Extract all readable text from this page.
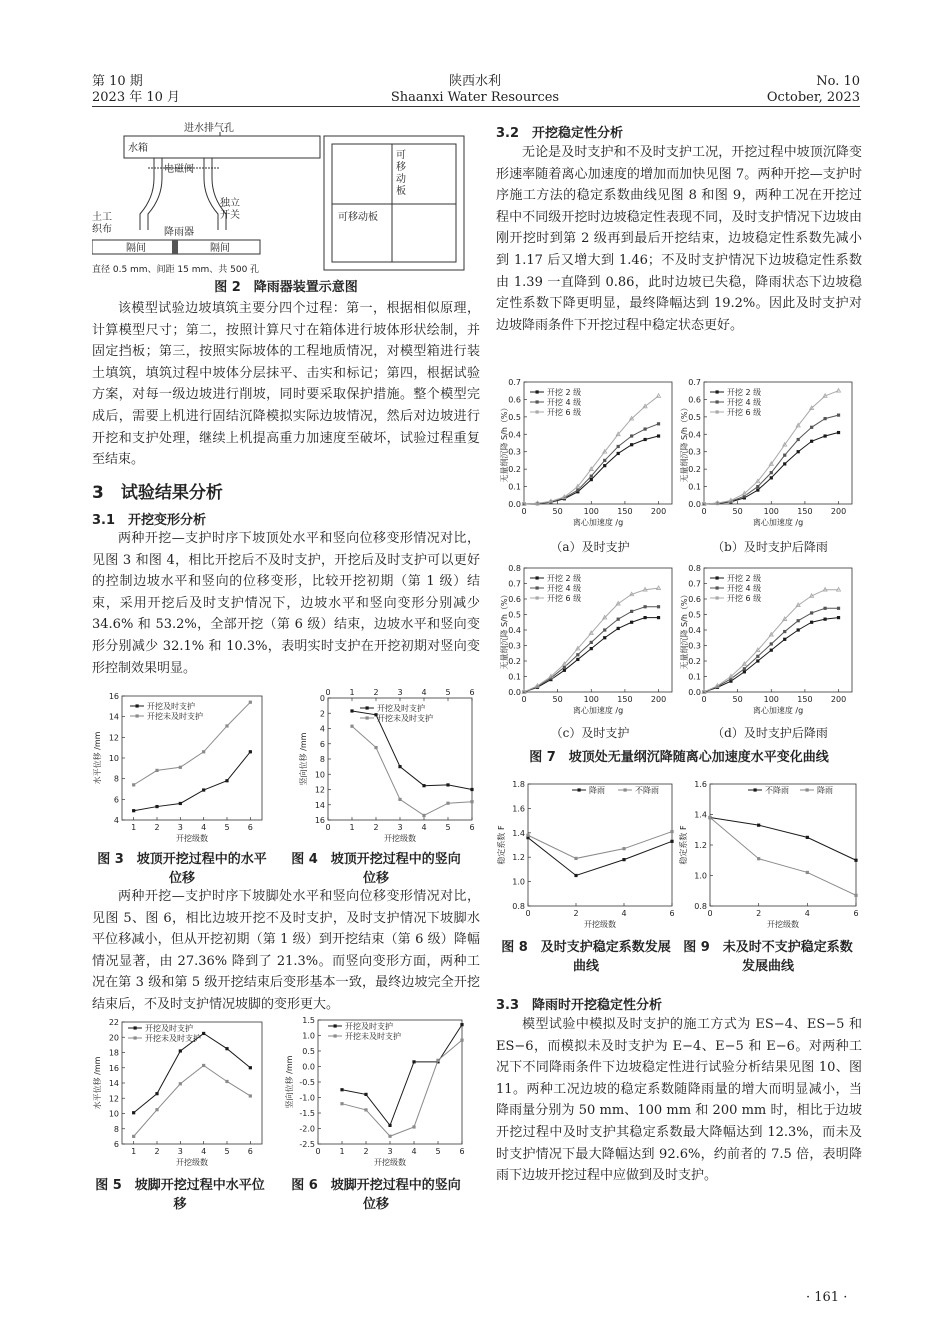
第 10 期
2023 年 10 月
陕西水利
Shaanxi Water Resources
No. 10
October, 2023
水箱
进水排气孔
电磁阀
土工
织布
独立
开关
降雨器
隔间	隔间
直径 0.5 mm、间距 15 mm、共 500 孔
可移动板
可
移
动
板
图 2　降雨器装置示意图

该模型试验边坡填筑主要分四个过程：第一，根据相似原理，计算模型尺寸；第二，按照计算尺寸在箱体进行坡体形状绘制，并固定挡板；第三，按照实际坡体的工程地质情况，对模型箱进行装土填筑，填筑过程中坡体分层抹平、击实和标记；第四，根据试验方案，对每一级边坡进行削坡，同时要采取保护措施。整个模型完成后，需要上机进行固结沉降模拟实际边坡情况，然后对边坡进行开挖和支护处理，继续上机提高重力加速度至破坏，试验过程重复至结束。

3　试验结果分析
3.1　开挖变形分析

两种开挖—支护时序下坡顶处水平和竖向位移变形情况对比，见图 3 和图 4，相比开挖后不及时支护，开挖后及时支护可以更好的控制边坡水平和竖向的位移变形，比较开挖初期（第 1 级）结束，采用开挖后及时支护情况下，边坡水平和竖向变形分别减少 34.6% 和 53.2%，全部开挖（第 6 级）结束，边坡水平和竖向变形分别减少 32.1% 和 10.3%，表明实时支护在开挖初期对竖向变形控制效果明显。

4
6
8
10
12
14
16
1 2 3 4 5 6
开挖级数
水平位移 /mm
开挖及时支护
开挖未及时支护
0
2
4
6
8
10
12
14
16
0
0
1
1
2
2
3
3
4
4
5
5
6
6
开挖级数
竖向位移 /mm
开挖及时支护
开挖未及时支护
图 3　坡顶开挖过程中的水平位移
图 4　坡顶开挖过程中的竖向位移

两种开挖—支护时序下坡脚处水平和竖向位移变形情况对比，见图 5、图 6，相比边坡开挖不及时支护，及时支护情况下坡脚水平位移减小，但从开挖初期（第 1 级）到开挖结束（第 6 级）降幅情况显著，由 27.36% 降到了 21.3%。而竖向变形方面，两种工况在第 3 级和第 5 级开挖结束后变形基本一致，最终边坡完全开挖结束后，不及时支护情况坡脚的变形更大。

6
8
10
12
14
16
18
20
22
1 2 3 4 5 6
开挖级数
水平位移 /mm
开挖及时支护
开挖未及时支护
-2.5
-2.0
-1.5
-1.0
-0.5
0.0
0.5
1.0
1.5
0 1 2 3 4 5 6
开挖级数
竖向位移 /mm
开挖及时支护
开挖未及时支护
图 5　坡脚开挖过程中水平位移
图 6　坡脚开挖过程中的竖向位移
3.2　开挖稳定性分析

无论是及时支护和不及时支护工况，开挖过程中坡顶沉降变形速率随着离心加速度的增加而加快见图 7。两种开挖—支护时序施工方法的稳定系数曲线见图 8 和图 9，两种工况在开挖过程中不同级开挖时边坡稳定性表现不同，及时支护情况下边坡由刚开挖时到第 2 级再到最后开挖结束，边坡稳定性系数先减小到 1.17 后又增大到 1.46；不及时支护情况下边坡稳定性系数由 1.39 一直降到 0.86，此时边坡已失稳，降雨状态下边坡稳定性系数下降更明显，最终降幅达到 19.2%。因此及时支护对边坡降雨条件下开挖过程中稳定状态更好。

0.0
0.1
0.2
0.3
0.4
0.5
0.6
0.7
0	50	100 150 200
离心加速度 /g
无量纲沉降 S/h（%）
开挖 2 级
开挖 4 级
开挖 6 级
0.0
0.1
0.2
0.3
0.4
0.5
0.6
0.7
0	50	100 150 200
离心加速度 /g
无量纲沉降 S/h（%）
开挖 2 级
开挖 4 级
开挖 6 级
（a）及时支护	（b）及时支护后降雨
0.0
0.1
0.2
0.3
0.4
0.5
0.6
0.7
0.8
0	50	100 150 200
离心加速度 /g
无量纲沉降 S/h（%）
开挖 2 级
开挖 4 级
开挖 6 级
0.0
0.1
0.2
0.3
0.4
0.5
0.6
0.7
0.8
0	50	100 150 200
离心加速度 /g
无量纲沉降 S/h（%）
开挖 2 级
开挖 4 级
开挖 6 级
（c）及时支护	（d）及时支护后降雨
图 7　坡顶处无量纲沉降随离心加速度水平变化曲线
0.8
1.0
1.2
1.4
1.6
1.8
0	2	4	6
开挖级数
稳定系数 F
降雨	不降雨
0.8
1.0
1.2
1.4
1.6
0	2	4	6
开挖级数
稳定系数 F
不降雨	降雨
图 8　及时支护稳定系数发展曲线
图 9　未及时不支护稳定系数发展曲线
3.3　降雨时开挖稳定性分析

模型试验中模拟及时支护的施工方式为 ES−4、ES−5 和 ES−6，而模拟未及时支护为 E−4、E−5 和 E−6。对两种工况下不同降雨条件下边坡稳定性进行试验分析结果见图 10、图 11。两种工况边坡的稳定系数随降雨量的增大而明显减小，当降雨量分别为 50 mm、100 mm 和 200 mm 时，相比于边坡开挖过程中及时支护其稳定系数最大降幅达到 12.3%，而未及时支护情况下最大降幅达到 92.6%，约前者的 7.5 倍，表明降雨下边坡开挖过程中应做到及时支护。

· 161 ·
